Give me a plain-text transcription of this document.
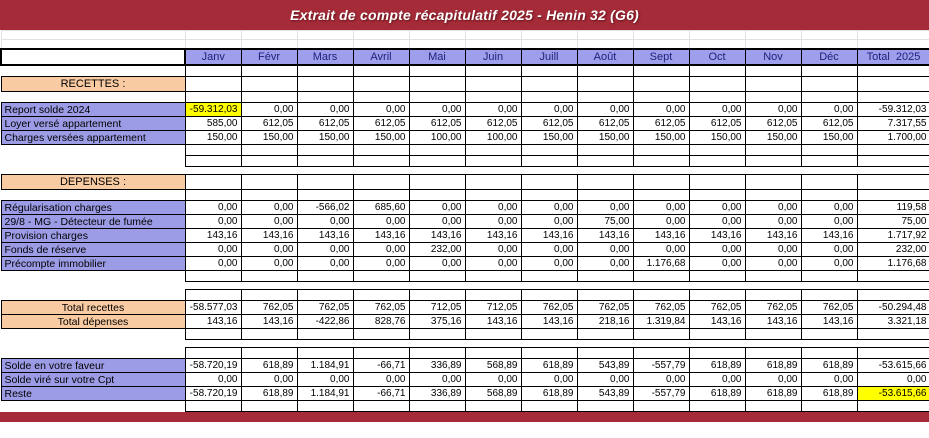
Extrait de compte récapitulatif 2025 - Henin 32 (G6)

	Janv	Févr	Mars	Avril	Mai	Juin	Juill	Août	Sept	Oct	Nov	Déc	Total  2025

RECETTES :													

Report solde 2024	-59.312,03	0,00	0,00	0,00	0,00	0,00	0,00	0,00	0,00	0,00	0,00	0,00	-59.312,03
Loyer versé appartement	585,00	612,05	612,05	612,05	612,05	612,05	612,05	612,05	612,05	612,05	612,05	612,05	7.317,55
Charges versées appartement	150,00	150,00	150,00	150,00	100,00	100,00	150,00	150,00	150,00	150,00	150,00	150,00	1.700,00

DEPENSES :													

Régularisation charges	0,00	0,00	-566,02	685,60	0,00	0,00	0,00	0,00	0,00	0,00	0,00	0,00	119,58
29/8 - MG - Détecteur de fumée	0,00	0,00	0,00	0,00	0,00	0,00	0,00	75,00	0,00	0,00	0,00	0,00	75,00
Provision charges	143,16	143,16	143,16	143,16	143,16	143,16	143,16	143,16	143,16	143,16	143,16	143,16	1.717,92
Fonds de réserve	0,00	0,00	0,00	0,00	232,00	0,00	0,00	0,00	0,00	0,00	0,00	0,00	232,00
Précompte immobilier	0,00	0,00	0,00	0,00	0,00	0,00	0,00	0,00	1.176,68	0,00	0,00	0,00	1.176,68

Total recettes	-58.577,03	762,05	762,05	762,05	712,05	712,05	762,05	762,05	762,05	762,05	762,05	762,05	-50.294,48
Total dépenses	143,16	143,16	-422,86	828,76	375,16	143,16	143,16	218,16	1.319,84	143,16	143,16	143,16	3.321,18

Solde en votre faveur	-58.720,19	618,89	1.184,91	-66,71	336,89	568,89	618,89	543,89	-557,79	618,89	618,89	618,89	-53.615,66
Solde viré sur votre Cpt	0,00	0,00	0,00	0,00	0,00	0,00	0,00	0,00	0,00	0,00	0,00	0,00	0,00
Reste	-58.720,19	618,89	1.184,91	-66,71	336,89	568,89	618,89	543,89	-557,79	618,89	618,89	618,89	-53.615,66
